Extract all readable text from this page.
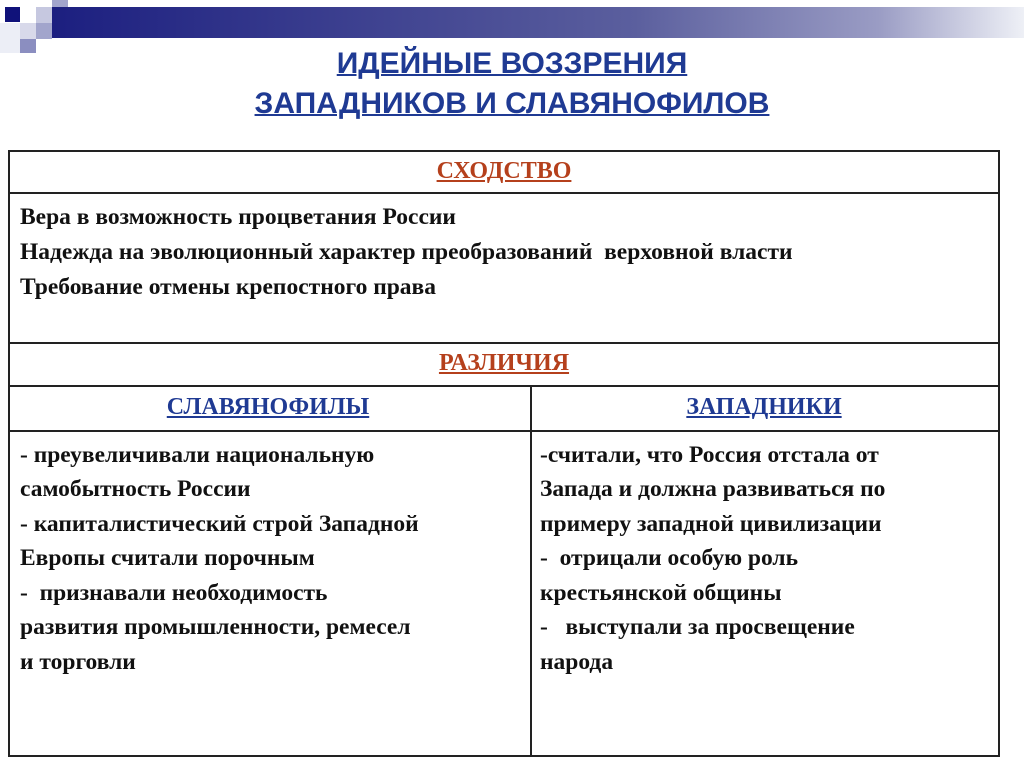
ИДЕЙНЫЕ ВОЗЗРЕНИЯ
ЗАПАДНИКОВ И СЛАВЯНОФИЛОВ
СХОДСТВО
Вера в возможность процветания России
Надежда на эволюционный характер преобразований  верховной власти
Требование отмены крепостного права
РАЗЛИЧИЯ
СЛАВЯНОФИЛЫ	ЗАПАДНИКИ
- преувеличивали национальную
самобытность России
- капиталистический строй Западной
Европы считали порочным
-  признавали необходимость
развития промышленности, ремесел
и торговли
-считали, что Россия отстала от
Запада и должна развиваться по
примеру западной цивилизации
-  отрицали особую роль
крестьянской общины
-   выступали за просвещение
народа
